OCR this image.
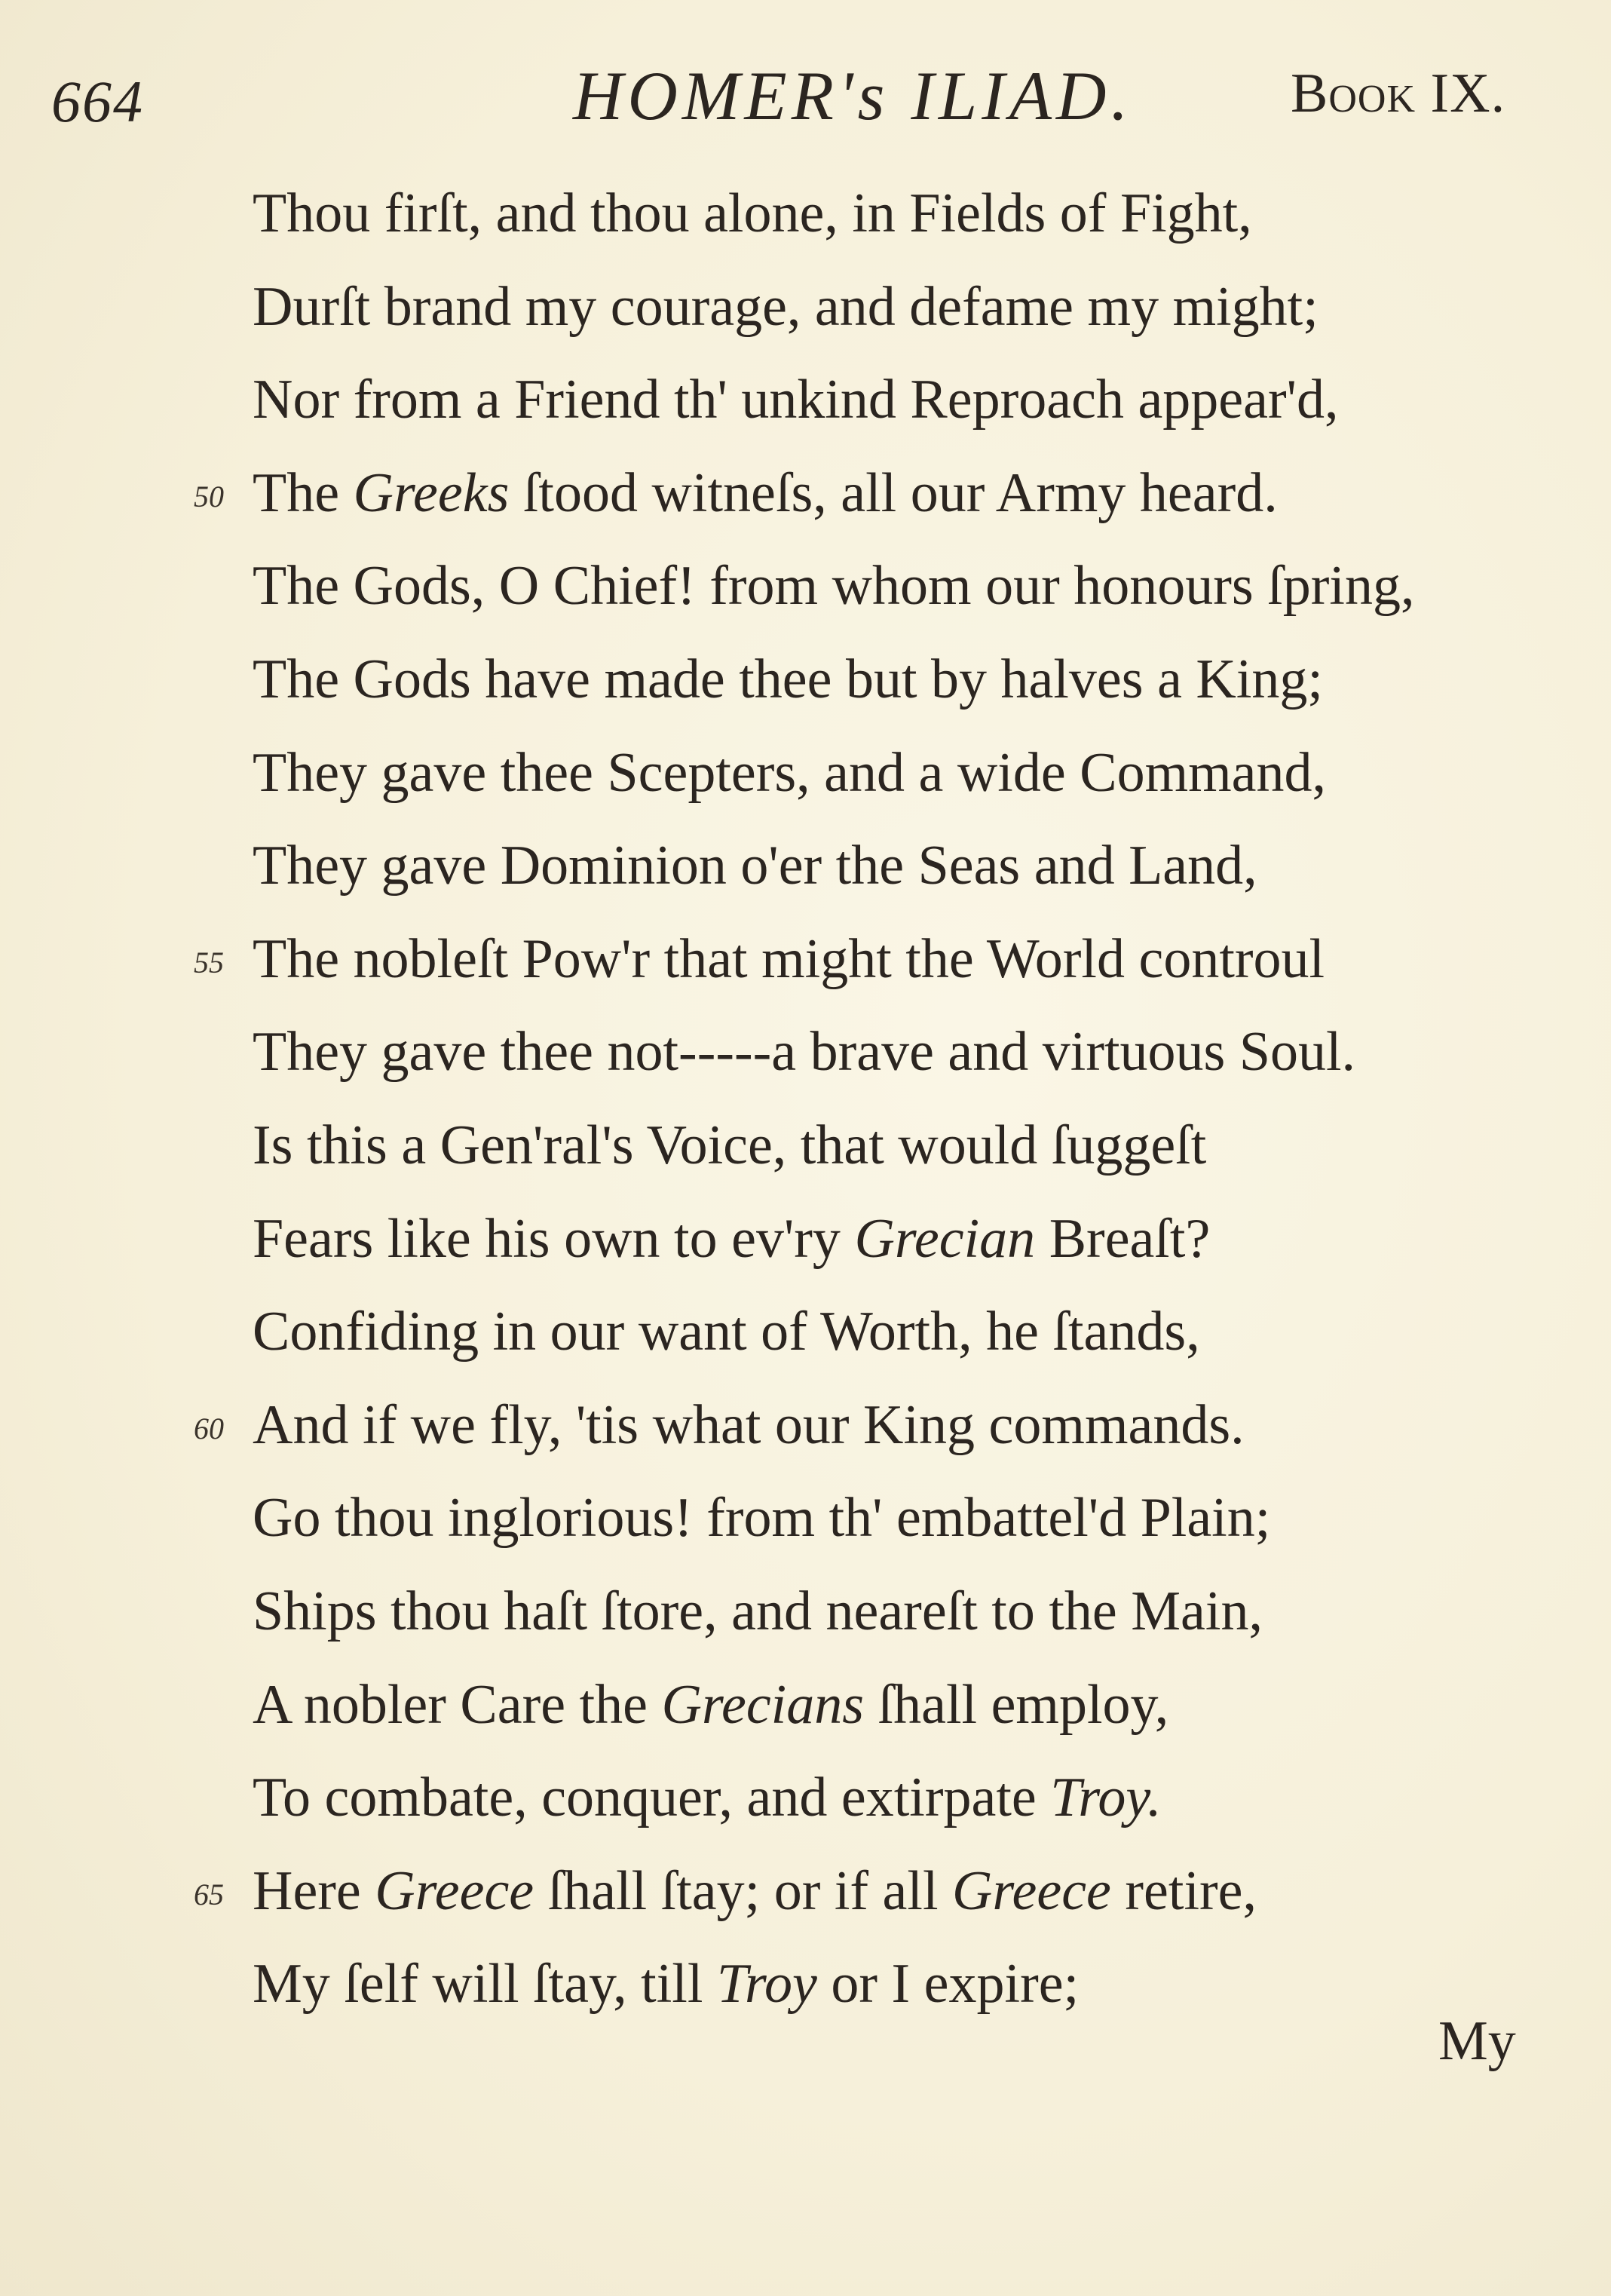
664	HOMER's ILIAD.	Book IX.
Thou firſt, and thou alone, in Fields of Fight,
Durſt brand my courage, and defame my might;
Nor from a Friend th' unkind Reproach appear'd,
50 The Greeks ſtood witneſs, all our Army heard.
The Gods, O Chief! from whom our honours ſpring,
The Gods have made thee but by halves a King;
They gave thee Scepters, and a wide Command,
They gave Dominion o'er the Seas and Land,
55 The nobleſt Pow'r that might the World controul
They gave thee not-----a brave and virtuous Soul.
Is this a Gen'ral's Voice, that would ſuggeſt
Fears like his own to ev'ry Grecian Breaſt?
Confiding in our want of Worth, he ſtands,
60 And if we fly, 'tis what our King commands.
Go thou inglorious! from th' embattel'd Plain;
Ships thou haſt ſtore, and neareſt to the Main,
A nobler Care the Grecians ſhall employ,
To combate, conquer, and extirpate Troy.
65 Here Greece ſhall ſtay; or if all Greece retire,
My ſelf will ſtay, till Troy or I expire;
My
